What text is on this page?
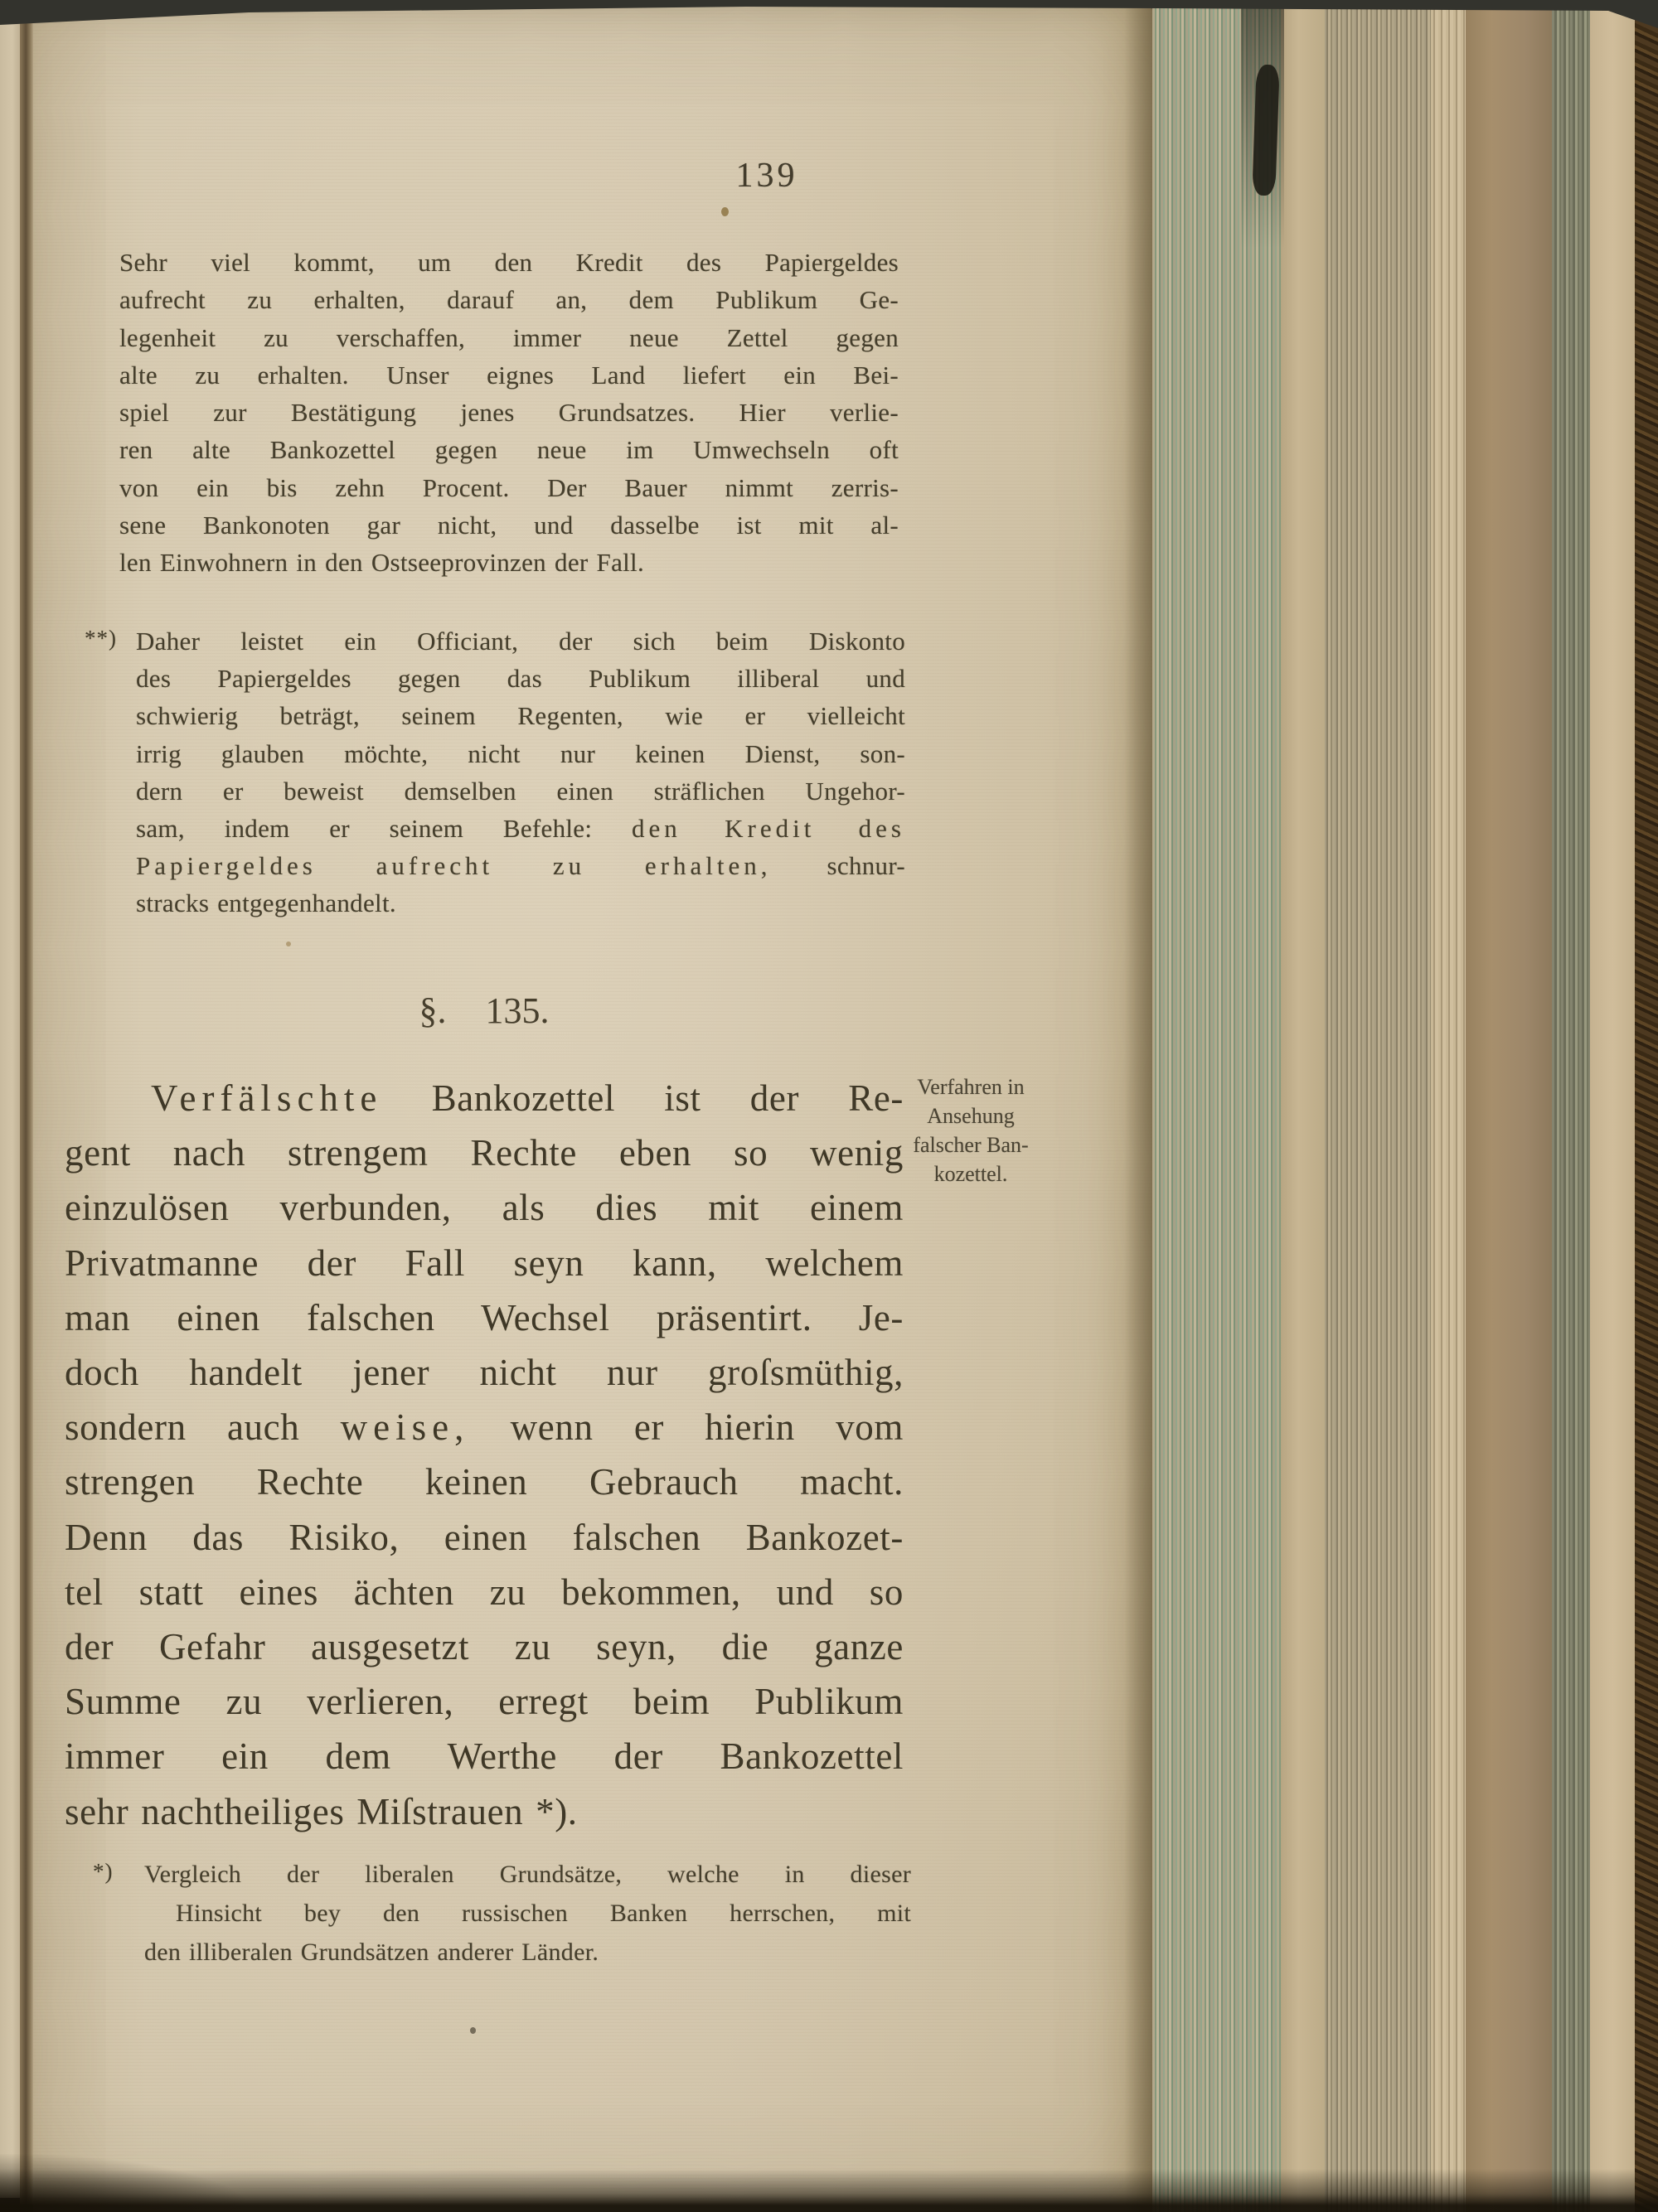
139
Sehr viel kommt, um den Kredit des Papiergeldes
aufrecht zu erhalten, darauf an, dem Publikum Ge-
legenheit zu verschaffen, immer neue Zettel gegen
alte zu erhalten. Unser eignes Land liefert ein Bei-
spiel zur Bestätigung jenes Grundsatzes. Hier verlie-
ren alte Bankozettel gegen neue im Umwechseln oft
von ein bis zehn Procent. Der Bauer nimmt zerris-
sene Bankonoten gar nicht, und dasselbe ist mit al-
len Einwohnern in den Ostseeprovinzen der Fall.
**) Daher leistet ein Officiant, der sich beim Diskonto
des Papiergeldes gegen das Publikum illiberal und
schwierig beträgt, seinem Regenten, wie er vielleicht
irrig glauben möchte, nicht nur keinen Dienst, son-
dern er beweist demselben einen sträflichen Ungehor-
sam, indem er seinem Befehle: den Kredit des
Papiergeldes aufrecht zu erhalten, schnur-
stracks entgegenhandelt.
§. 135.
Verfälschte Bankozettel ist der Re-
gent nach strengem Rechte eben so wenig
einzulösen verbunden, als dies mit einem
Privatmanne der Fall seyn kann, welchem
man einen falschen Wechsel präsentirt. Je-
doch handelt jener nicht nur groſsmüthig,
sondern auch weise, wenn er hierin vom
strengen Rechte keinen Gebrauch macht.
Denn das Risiko, einen falschen Bankozet-
tel statt eines ächten zu bekommen, und so
der Gefahr ausgesetzt zu seyn, die ganze
Summe zu verlieren, erregt beim Publikum
immer ein dem Werthe der Bankozettel
sehr nachtheiliges Miſstrauen *).
Verfahren in
Ansehung
falscher Ban-
kozettel.
*) Vergleich der liberalen Grundsätze, welche in dieser
Hinsicht bey den russischen Banken herrschen, mit
den illiberalen Grundsätzen anderer Länder.
